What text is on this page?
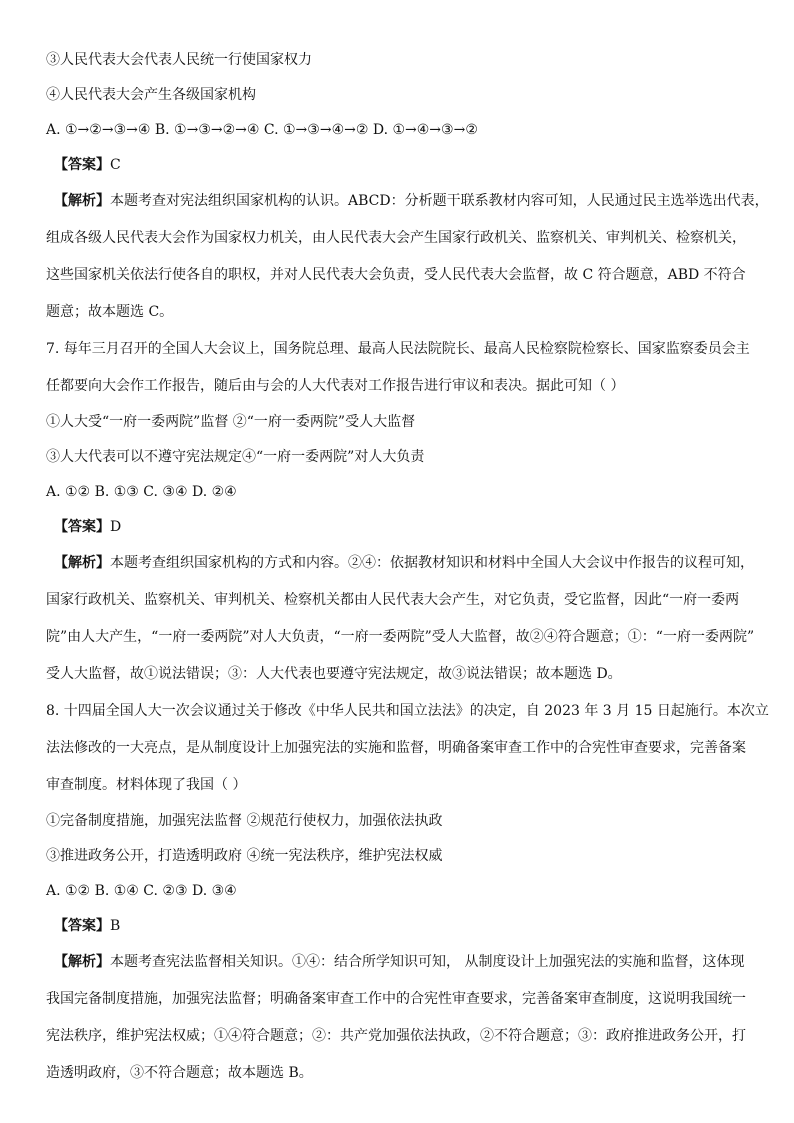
③人民代表大会代表人民统一行使国家权力

④人民代表大会产生各级国家机构

A. ①→②→③→④ B. ①→③→②→④ C. ①→③→④→② D. ①→④→③→②

【答案】C

【解析】本题考查对宪法组织国家机构的认识。ABCD：分析题干联系教材内容可知，人民通过民主选举选出代表，
组成各级人民代表大会作为国家权力机关，由人民代表大会产生国家行政机关、监察机关、审判机关、检察机关，
这些国家机关依法行使各自的职权，并对人民代表大会负责，受人民代表大会监督，故 C 符合题意，ABD 不符合
题意；故本题选 C。
7. 每年三月召开的全国人大会议上，国务院总理、最高人民法院院长、最高人民检察院检察长、国家监察委员会主
任都要向大会作工作报告，随后由与会的人大代表对工作报告进行审议和表决。据此可知（ ）

①人大受“一府一委两院”监督 ②“一府一委两院”受人大监督

③人大代表可以不遵守宪法规定④“一府一委两院”对人大负责

A. ①② B. ①③ C. ③④ D. ②④

【答案】D

【解析】本题考查组织国家机构的方式和内容。②④：依据教材知识和材料中全国人大会议中作报告的议程可知，
国家行政机关、监察机关、审判机关、检察机关都由人民代表大会产生，对它负责，受它监督，因此“一府一委两
院”由人大产生，“一府一委两院”对人大负责，“一府一委两院”受人大监督，故②④符合题意；①：“一府一委两院”
受人大监督，故①说法错误；③：人大代表也要遵守宪法规定，故③说法错误；故本题选 D。
8. 十四届全国人大一次会议通过关于修改《中华人民共和国立法法》的决定，自 2023 年 3 月 15 日起施行。本次立
法法修改的一大亮点，是从制度设计上加强宪法的实施和监督，明确备案审查工作中的合宪性审查要求，完善备案
审查制度。材料体现了我国（ ）

①完备制度措施，加强宪法监督 ②规范行使权力，加强依法执政

③推进政务公开，打造透明政府 ④统一宪法秩序，维护宪法权威

A. ①② B. ①④ C. ②③ D. ③④

【答案】B

【解析】本题考查宪法监督相关知识。①④：结合所学知识可知， 从制度设计上加强宪法的实施和监督，这体现
我国完备制度措施，加强宪法监督；明确备案审查工作中的合宪性审查要求，完善备案审查制度，这说明我国统一
宪法秩序，维护宪法权威；①④符合题意；②：共产党加强依法执政，②不符合题意；③：政府推进政务公开，打
造透明政府，③不符合题意；故本题选 B。
